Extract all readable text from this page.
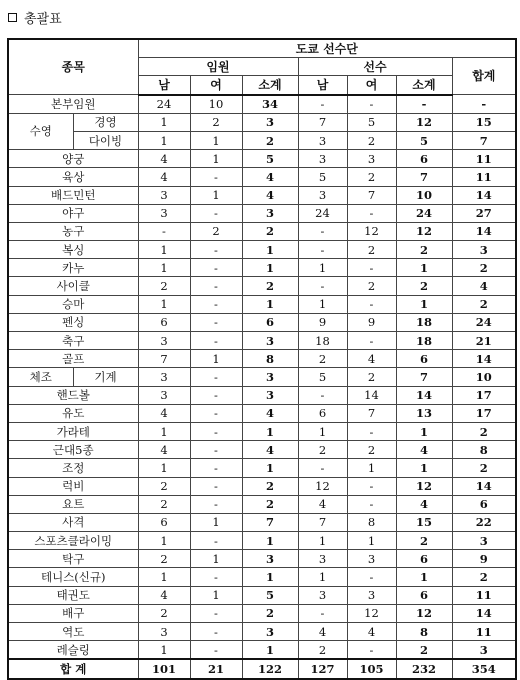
총괄표
종목		도쿄 선수단						
		임원			선수			합계
		남	여	소계	남	여	소계	
본부임원		24	10	34	-	-	-	-
수영	경영	1	2	3	7	5	12	15
	다이빙	1	1	2	3	2	5	7
양궁		4	1	5	3	3	6	11
육상		4	-	4	5	2	7	11
배드민턴		3	1	4	3	7	10	14
야구		3	-	3	24	-	24	27
농구		-	2	2	-	12	12	14
복싱		1	-	1	-	2	2	3
카누		1	-	1	1	-	1	2
사이클		2	-	2	-	2	2	4
승마		1	-	1	1	-	1	2
펜싱		6	-	6	9	9	18	24
축구		3	-	3	18	-	18	21
골프		7	1	8	2	4	6	14
체조	기계	3	-	3	5	2	7	10
핸드볼		3	-	3	-	14	14	17
유도		4	-	4	6	7	13	17
가라테		1	-	1	1	-	1	2
근대5종		4	-	4	2	2	4	8
조정		1	-	1	-	1	1	2
럭비		2	-	2	12	-	12	14
요트		2	-	2	4	-	4	6
사격		6	1	7	7	8	15	22
스포츠클라이밍		1	-	1	1	1	2	3
탁구		2	1	3	3	3	6	9
테니스(신규)		1	-	1	1	-	1	2
태권도		4	1	5	3	3	6	11
배구		2	-	2	-	12	12	14
역도		3	-	3	4	4	8	11
레슬링		1	-	1	2	-	2	3
합 계		101	21	122	127	105	232	354
